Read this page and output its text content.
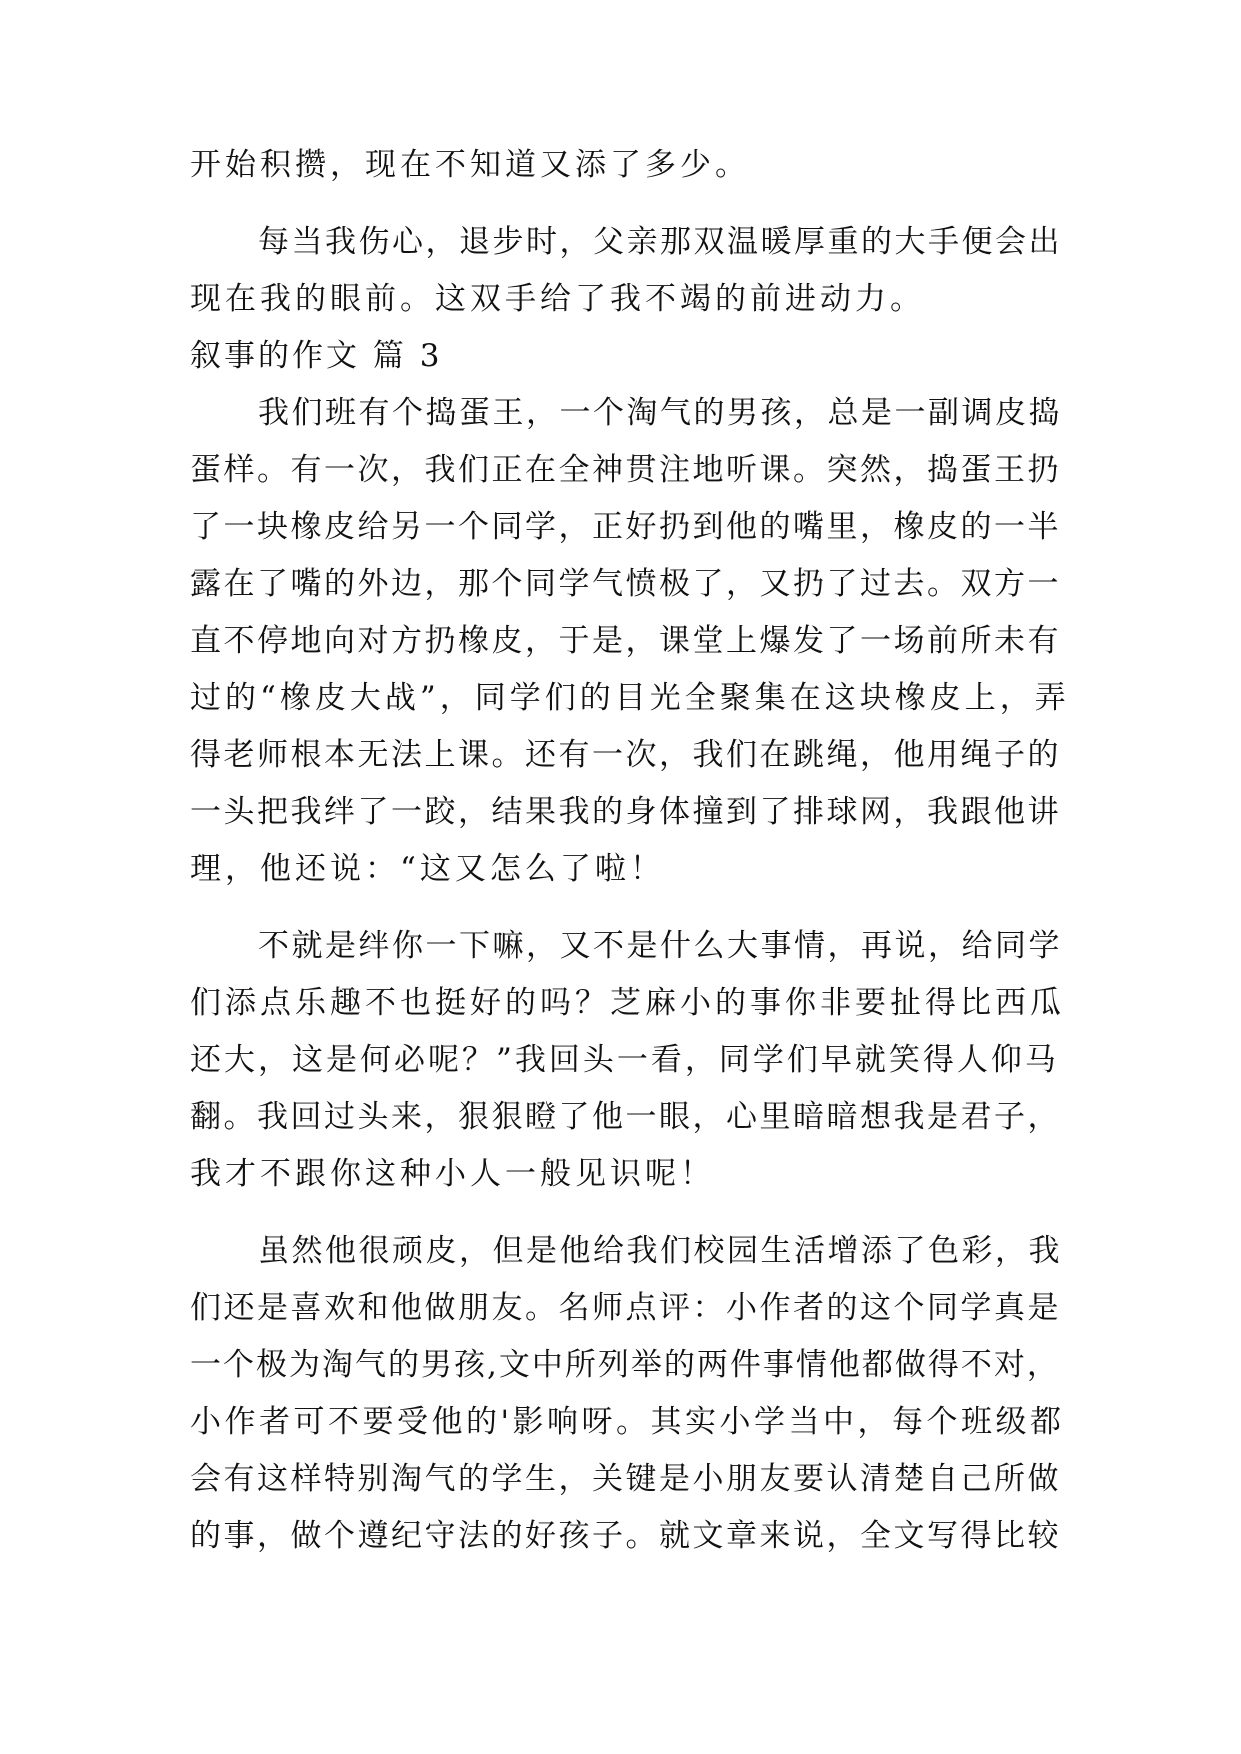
开始积攒，现在不知道又添了多少。
每当我伤心，退步时，父亲那双温暖厚重的大手便会出
现在我的眼前。这双手给了我不竭的前进动力。
叙事的作文 篇 3
我们班有个捣蛋王，一个淘气的男孩，总是一副调皮捣
蛋样。有一次，我们正在全神贯注地听课。突然，捣蛋王扔
了一块橡皮给另一个同学，正好扔到他的嘴里，橡皮的一半
露在了嘴的外边，那个同学气愤极了，又扔了过去。双方一
直不停地向对方扔橡皮，于是，课堂上爆发了一场前所未有
过的“橡皮大战”，同学们的目光全聚集在这块橡皮上，弄
得老师根本无法上课。还有一次，我们在跳绳，他用绳子的
一头把我绊了一跤，结果我的身体撞到了排球网，我跟他讲
理，他还说：“这又怎么了啦！
不就是绊你一下嘛，又不是什么大事情，再说，给同学
们添点乐趣不也挺好的吗？芝麻小的事你非要扯得比西瓜
还大，这是何必呢？”我回头一看，同学们早就笑得人仰马
翻。我回过头来，狠狠瞪了他一眼，心里暗暗想我是君子，
我才不跟你这种小人一般见识呢！
虽然他很顽皮，但是他给我们校园生活增添了色彩，我
们还是喜欢和他做朋友。名师点评：小作者的这个同学真是
一个极为淘气的男孩,文中所列举的两件事情他都做得不对，
小作者可不要受他的'影响呀。其实小学当中，每个班级都
会有这样特别淘气的学生，关键是小朋友要认清楚自己所做
的事，做个遵纪守法的好孩子。就文章来说，全文写得比较
